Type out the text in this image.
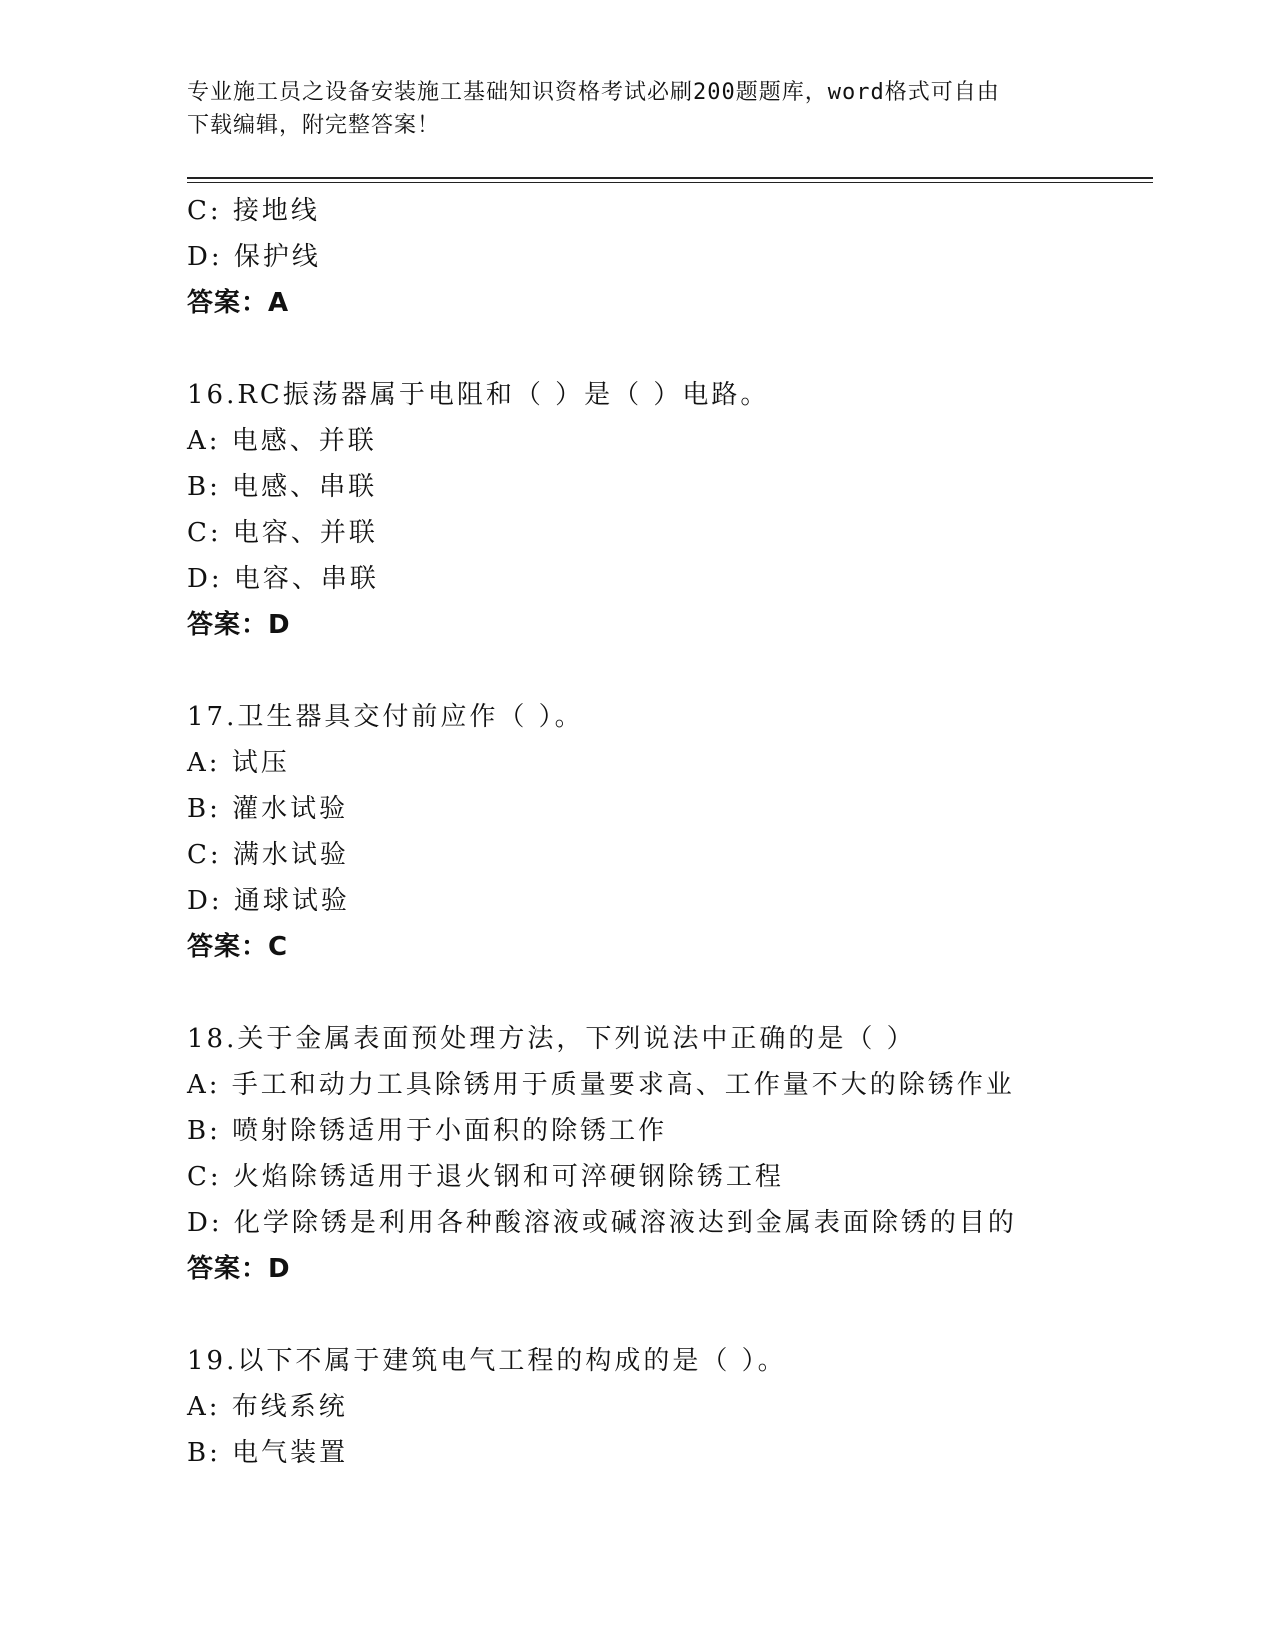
专业施工员之设备安装施工基础知识资格考试必刷200题题库，word格式可自由
下载编辑，附完整答案！
C: 接地线
D: 保护线
答案：A
16.RC振荡器属于电阻和（ ）是（ ）电路。
A: 电感、并联
B: 电感、串联
C: 电容、并联
D: 电容、串联
答案：D
17.卫生器具交付前应作（ ）。
A: 试压
B: 灌水试验
C: 满水试验
D: 通球试验
答案：C
18.关于金属表面预处理方法，下列说法中正确的是（ ）
A: 手工和动力工具除锈用于质量要求高、工作量不大的除锈作业
B: 喷射除锈适用于小面积的除锈工作
C: 火焰除锈适用于退火钢和可淬硬钢除锈工程
D: 化学除锈是利用各种酸溶液或碱溶液达到金属表面除锈的目的
答案：D
19.以下不属于建筑电气工程的构成的是（ ）。
A: 布线系统
B: 电气装置
